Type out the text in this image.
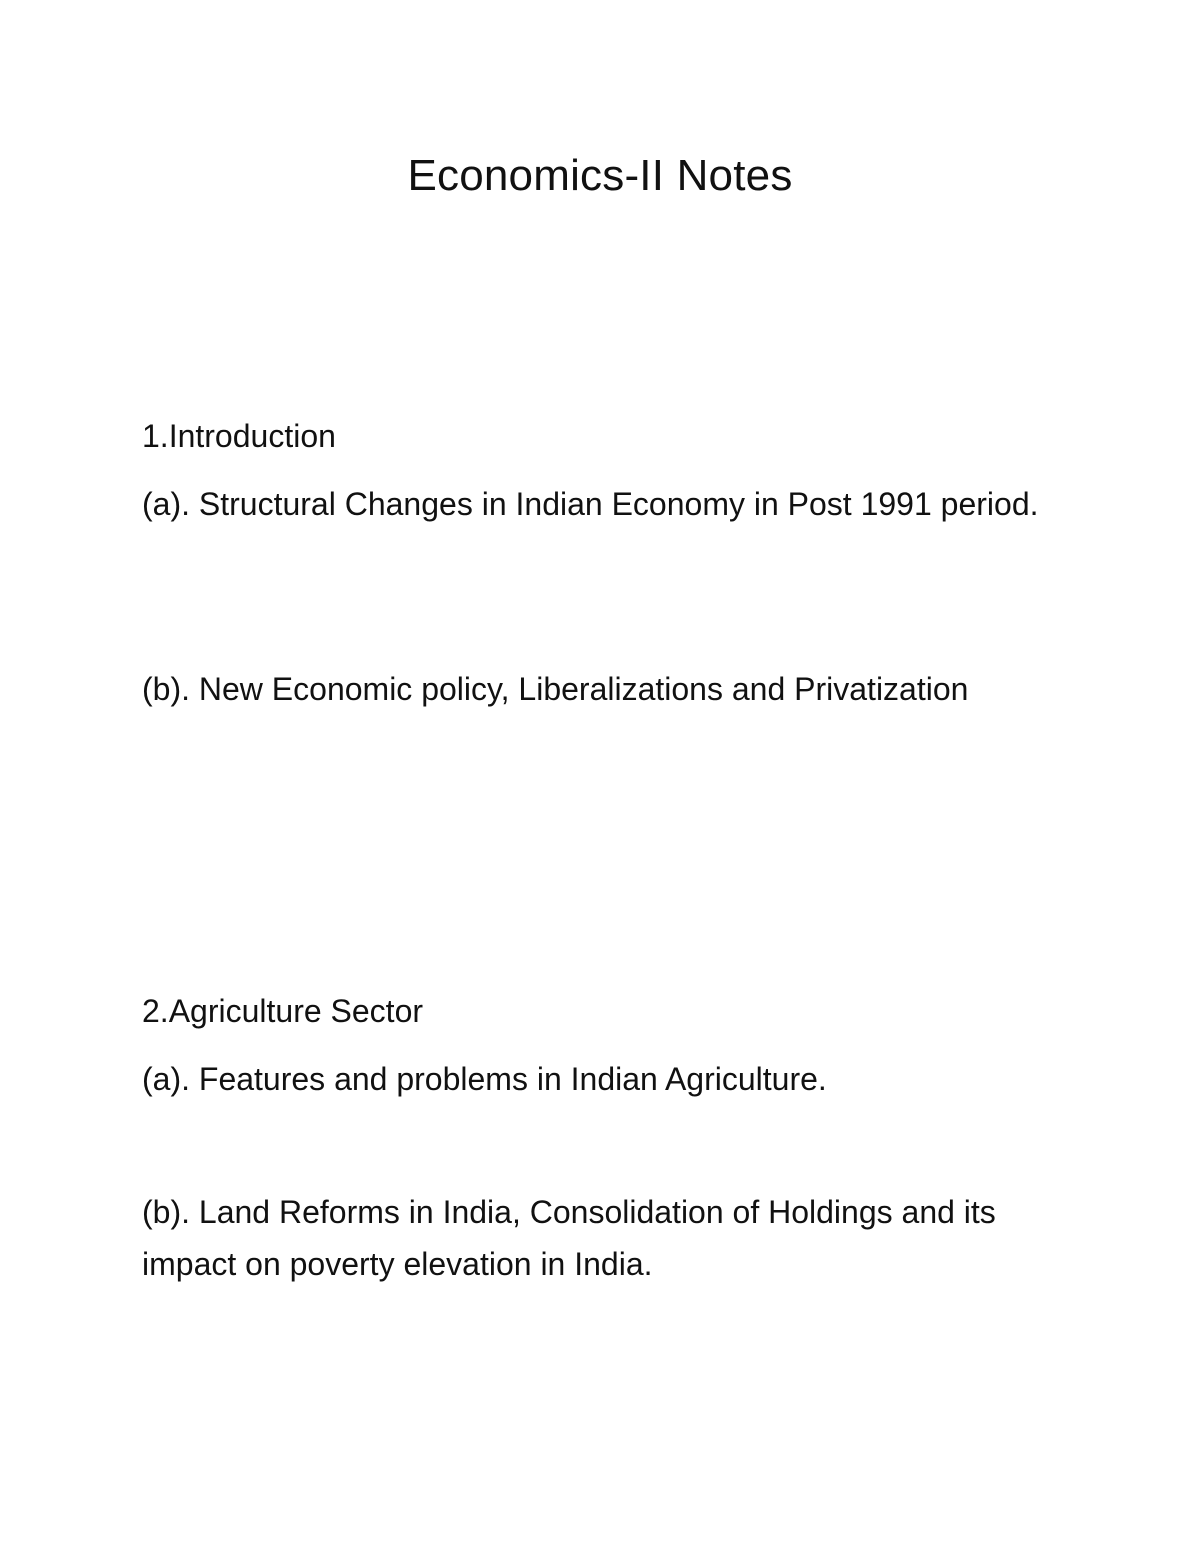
Economics-II Notes
1.Introduction

(a). Structural Changes in Indian Economy in Post 1991 period.

(b). New Economic policy, Liberalizations and Privatization

2.Agriculture Sector

(a). Features and problems in Indian Agriculture.

(b). Land Reforms in India, Consolidation of Holdings and its impact on poverty elevation in India.
